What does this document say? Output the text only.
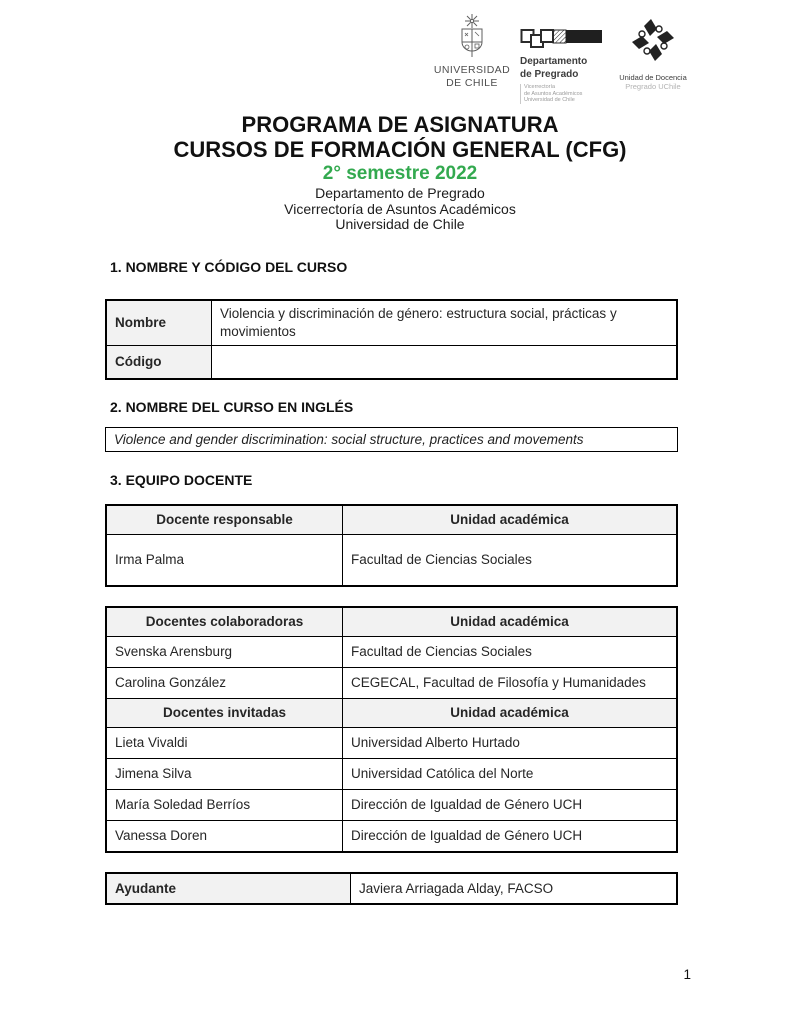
UNIVERSIDAD
DE CHILE
Departamento
de Pregrado
Vicerrectoría
de Asuntos Académicos
Universidad de Chile
Unidad de Docencia
Pregrado UChile
PROGRAMA DE ASIGNATURA
CURSOS DE FORMACIÓN GENERAL (CFG)
2° semestre 2022
Departamento de Pregrado
Vicerrectoría de Asuntos Académicos
Universidad de Chile
1. NOMBRE Y CÓDIGO DEL CURSO
Nombre	Violencia y discriminación de género: estructura social, prácticas y movimientos
Código	
2. NOMBRE DEL CURSO EN INGLÉS
Violence and gender discrimination: social structure, practices and movements
3. EQUIPO DOCENTE
Docente responsable	Unidad académica
Irma Palma	Facultad de Ciencias Sociales
Docentes colaboradoras	Unidad académica
Svenska Arensburg	Facultad de Ciencias Sociales
Carolina González	CEGECAL, Facultad de Filosofía y Humanidades
Docentes invitadas	Unidad académica
Lieta Vivaldi	Universidad Alberto Hurtado
Jimena Silva	Universidad Católica del Norte
María Soledad Berríos	Dirección de Igualdad de Género UCH
Vanessa Doren	Dirección de Igualdad de Género UCH
Ayudante	Javiera Arriagada Alday, FACSO
1
